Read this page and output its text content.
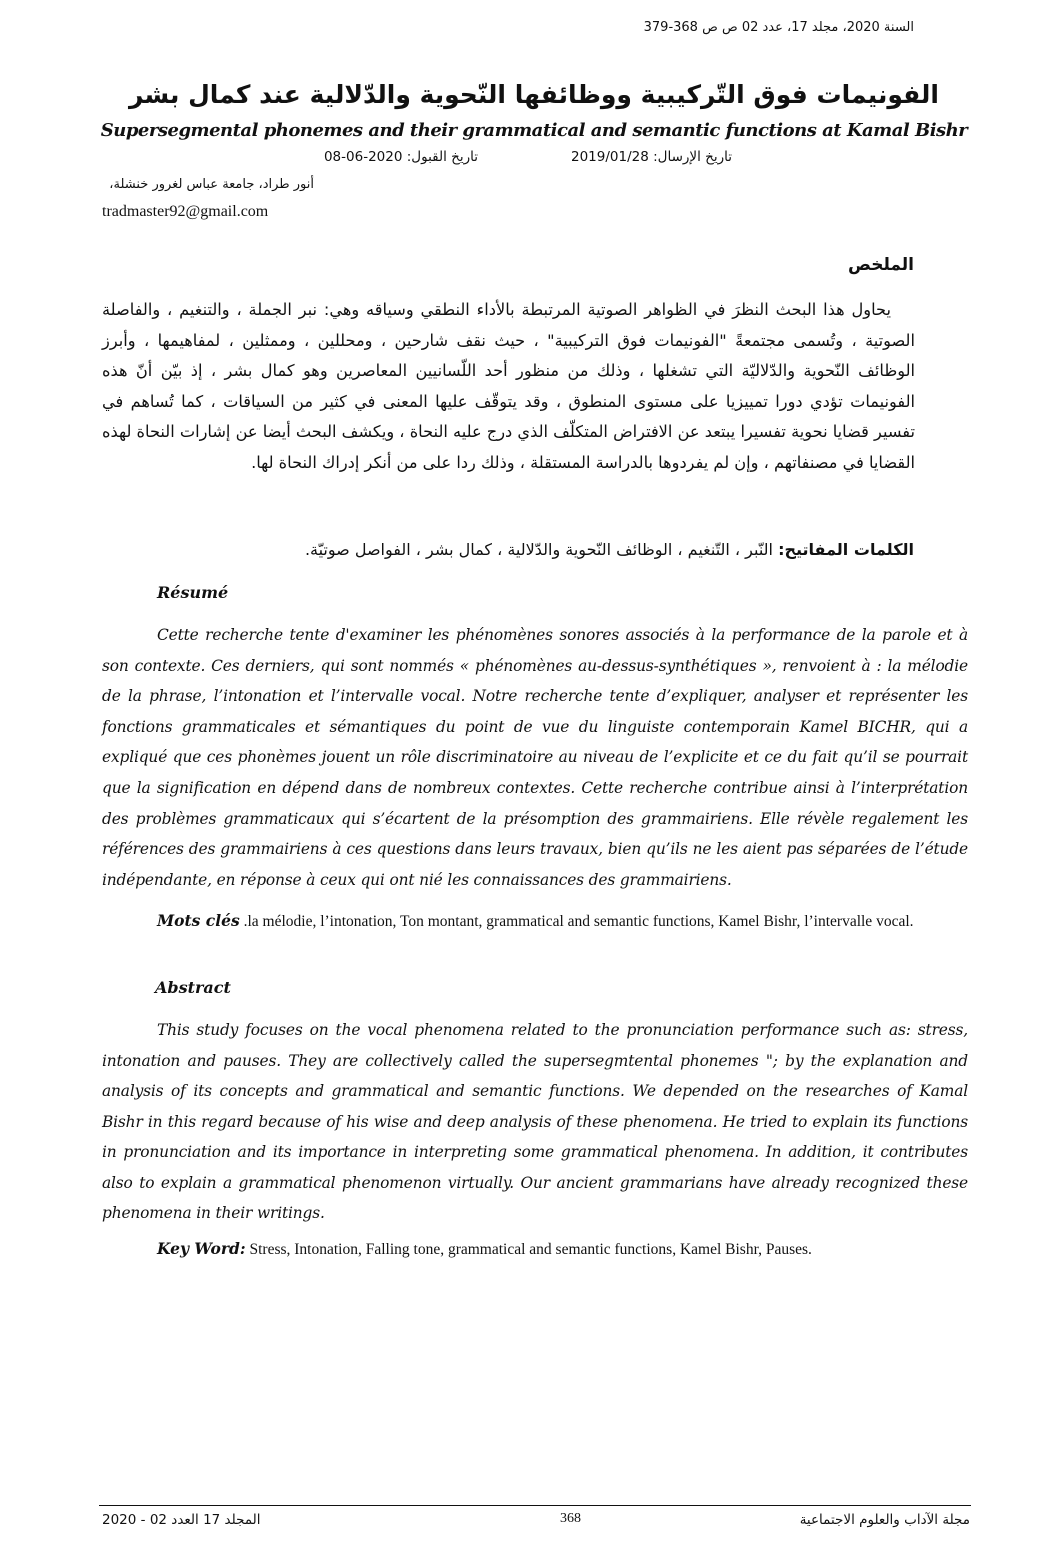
السنة 2020، مجلد 17، عدد 02 ص ص 368-379
الفونيمات فوق التّركيبية ووظائفها النّحوية والدّلالية عند كمال بشر
Supersegmental phonemes and their grammatical and semantic functions at Kamal Bishr
تاريخ الإرسال: 2019/01/28
تاريخ القبول: 2020-06-08
أنور طراد، جامعة عباس لغرور خنشلة،
tradmaster92@gmail.com
الملخص
يحاول هذا البحث النظرَ في الظواهر الصوتية المرتبطة بالأداء النطقي وسياقه وهي: نبر الجملة ، والتنغيم ، والفاصلة الصوتية ، وتُسمى مجتمعةً "الفونيمات فوق التركيبية" ، حيث نقف شارحين ، ومحللين ، وممثلين ، لمفاهيمها ، وأبرز الوظائف النّحوية والدّلاليّة التي تشغلها ، وذلك من منظور أحد اللّسانيين المعاصرين وهو كمال بشر ، إذ بيّن أنّ هذه الفونيمات تؤدي دورا تمييزيا على مستوى المنطوق ، وقد يتوقّف عليها المعنى في كثير من السياقات ، كما تُساهم في تفسير قضايا نحوية تفسيرا يبتعد عن الافتراض المتكلّف الذي درج عليه النحاة ، ويكشف البحث أيضا عن إشارات النحاة لهذه القضايا في مصنفاتهم ، وإن لم يفردوها بالدراسة المستقلة ، وذلك ردا على من أنكر إدراك النحاة لها.
الكلمات المفاتيح: النّبر ، التّنغيم ، الوظائف النّحوية والدّلالية ، كمال بشر ، الفواصل صوتيّة.
Résumé
Cette recherche tente d'examiner les phénomènes sonores associés à la performance de la parole et à son contexte. Ces derniers, qui sont nommés « phénomènes au-dessus-synthétiques », renvoient à : la mélodie de la phrase, l’intonation et l’intervalle vocal. Notre recherche tente d’expliquer, analyser et représenter les fonctions grammaticales et sémantiques du point de vue du linguiste contemporain Kamel BICHR, qui a expliqué que ces phonèmes jouent un rôle discriminatoire au niveau de l’explicite et ce du fait qu’il se pourrait que la signification en dépend dans de nombreux contextes. Cette recherche contribue ainsi à l’interprétation des problèmes grammaticaux qui s’écartent de la présomption des grammairiens. Elle révèle regalement les références des grammairiens à ces questions dans leurs travaux, bien qu’ils ne les aient pas séparées de l’étude indépendante, en réponse à ceux qui ont nié les connaissances des grammairiens.
Mots clés .la mélodie, l’intonation, Ton montant, grammatical and semantic functions, Kamel Bishr, l’intervalle vocal.
Abstract
This study focuses on the vocal phenomena related to the pronunciation performance such as: stress, intonation and pauses. They are collectively called the supersegmtental phonemes "; by the explanation and analysis of its concepts and grammatical and semantic functions. We depended on the researches of Kamal Bishr in this regard because of his wise and deep analysis of these phenomena. He tried to explain its functions in pronunciation and its importance in interpreting some grammatical phenomena. In addition, it contributes also to explain a grammatical phenomenon virtually. Our ancient grammarians have already recognized these phenomena in their writings.
Key Word: Stress, Intonation, Falling tone, grammatical and semantic functions, Kamel Bishr, Pauses.
المجلد 17 العدد 02 - 2020	368	مجلة الآداب والعلوم الاجتماعية
